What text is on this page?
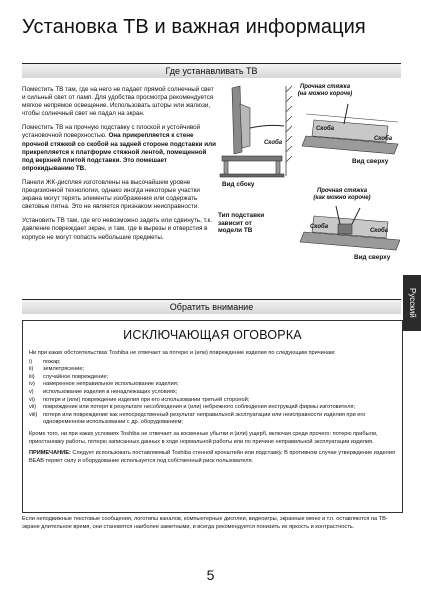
Установка ТВ и важная информация
Где устанавливать ТВ

Поместить ТВ там, где на него не падает прямой солнечный свет и сильный свет от ламп. Для удобства просмотра рекомендуется мягкое непрямое освещение. Использовать шторы или жалюзи, чтобы солнечный свет не падал на экран.

Поместить ТВ на прочную подставку с плоской и устойчивой установочной поверхностью. Она прикрепляется к стене прочной стяжкой со скобой на задней стороне подставки или прикрепляется к платформе стяжной лентой, помещенной под верхней плитой подставки. Это помешает опрокидыванию ТВ.

Панели ЖК-дисплея изготовлены на высочайшем уровне прецизионной технологии, однако иногда некоторые участки экрана могут терять элементы изображения или содержать световые пятна. Это не является признаком неисправности.

Установить ТВ там, где его невозможно задеть или сдвинуть, т.к. давление повреждает экран, и там, где в вырезы и отверстия в корпусе не могут попасть небольшие предметы.

Прочная стяжка
(на можно короче)
Скоба
Скоба
Скоба
Вид сбоку
Вид сверху
Тип подставки
зависит от
модели ТВ
Прочная стяжка
(как можно короче)
Скоба
Скоба
Вид сверху
Обратить внимание	Русский
ИСКЛЮЧАЮЩАЯ ОГОВОРКА

Ни при каких обстоятельствах Toshiba не отвечает за потерю и (или) повреждение изделия по следующим причинам:

i)	пожар;
ii)	землетрясение;
iii)	случайное повреждение;
iv)	намеренное неправильное использование изделия;
v)	использование изделия в ненадлежащих условиях;
vi)	потеря и (или) повреждение изделия при его использовании третьей стороной;
vii)	повреждение или потеря в результате несоблюдения и (или) небрежного соблюдения инструкций фирмы изготовителя;
viii)	потеря или повреждение как непосредственный результат неправильной эксплуатации или неисправности изделия при его одновременном использовании с др. оборудованием;

Кроме того, ни при каких условиях Toshiba не отвечает за косвенные убытки и (или) ущерб, включая среди прочего: потерю прибыли, приостановку работы, потерю записанных данных в ходе нормальной работы или по причине неправильной эксплуатации изделия.

ПРИМЕЧАНИЕ: Следует использовать поставляемый Toshiba стенной кронштейн или подставку. В противном случае утверждение изделия BEAB теряет силу и оборудование используется под собственный риск пользователя.

Если неподвижные текстовые сообщения, логотипы каналов, компьютерные дисплеи, видеоигры, экранные меню и т.п. оставляются на ТВ-экране длительное время, они становятся наиболее заметными, и всегда рекомендуется понизить их яркость и контрастность.
5
